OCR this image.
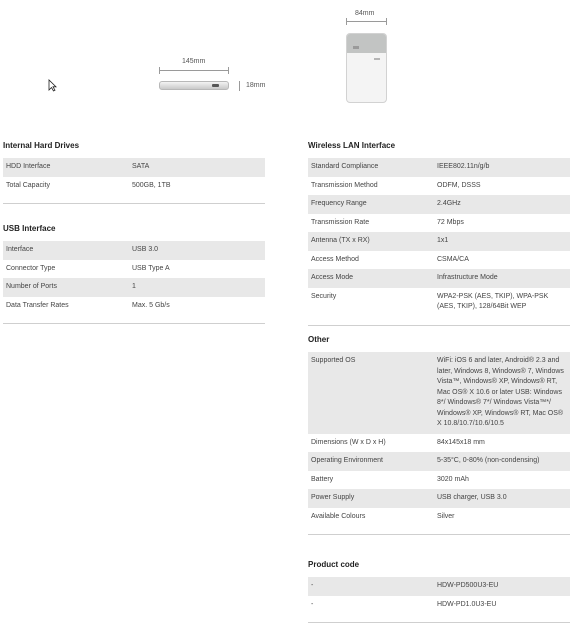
145mm
18mm
84mm
Internal Hard Drives
HDD Interface	SATA
Total Capacity	500GB, 1TB
USB Interface
Interface	USB 3.0
Connector Type	USB Type A
Number of Ports	1
Data Transfer Rates	Max. 5 Gb/s
Wireless LAN Interface
Standard Compliance	IEEE802.11n/g/b
Transmission Method	ODFM, DSSS
Frequency Range	2.4GHz
Transmission Rate	72 Mbps
Antenna (TX x RX)	1x1
Access Method	CSMA/CA
Access Mode	Infrastructure Mode
Security	WPA2-PSK (AES, TKIP), WPA-PSK (AES, TKIP), 128/64Bit WEP
Other
Supported OS	WiFi: iOS 6 and later, Android® 2.3 and later, Windows 8, Windows® 7, Windows Vista™, Windows® XP, Windows® RT, Mac OS® X 10.6 or later USB: Windows 8*/ Windows® 7*/ Windows Vista™*/ Windows® XP, Windows® RT, Mac OS® X 10.8/10.7/10.6/10.5
Dimensions (W x D x H)	84x145x18 mm
Operating Environment	5-35°C, 0-80% (non-condensing)
Battery	3020 mAh
Power Supply	USB charger, USB 3.0
Available Colours	Silver
Product code
-	HDW-PD500U3-EU
-	HDW-PD1.0U3-EU
